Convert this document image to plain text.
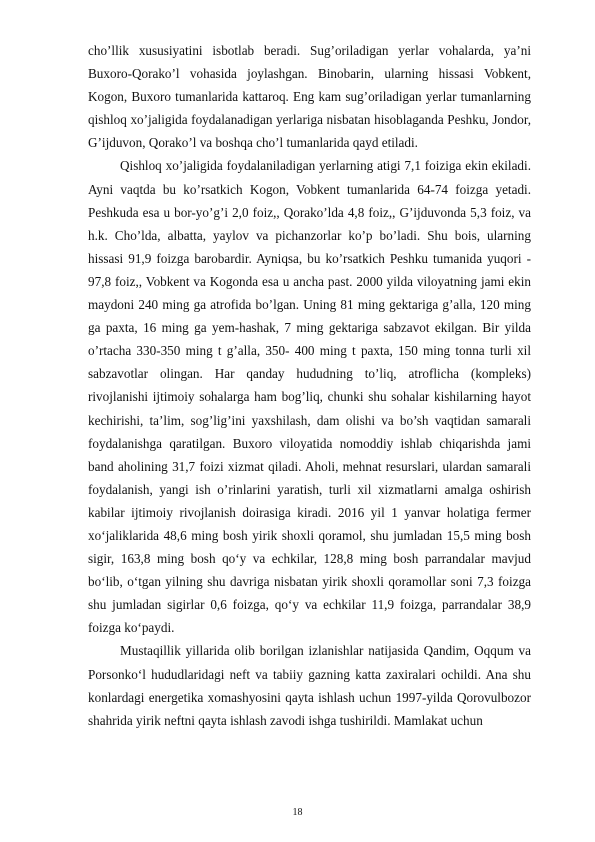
cho’llik xususiyatini isbotlab beradi. Sug’oriladigan yerlar vohalarda, ya’ni Buxoro-Qorako’l vohasida joylashgan. Binobarin, ularning hissasi Vobkent, Kogon, Buxoro tumanlarida kattaroq. Eng kam sug’oriladigan yerlar tumanlarning qishloq xo’jaligida foydalanadigan yerlariga nisbatan hisoblaganda Peshku, Jondor, G’ijduvon, Qorako’l va boshqa cho’l tumanlarida qayd etiladi.

Qishloq xo’jaligida foydalaniladigan yerlarning atigi 7,1 foiziga ekin ekiladi. Ayni vaqtda bu ko’rsatkich Kogon, Vobkent tumanlarida 64-74 foizga yetadi. Peshkuda esa u bor-yo’g’i 2,0 foiz,, Qorako’lda 4,8 foiz,, G’ijduvonda 5,3 foiz, va h.k. Cho’lda, albatta, yaylov va pichanzorlar ko’p bo’ladi. Shu bois, ularning hissasi 91,9 foizga barobardir. Ayniqsa, bu ko’rsatkich Peshku tumanida yuqori - 97,8 foiz,, Vobkent va Kogonda esa u ancha past. 2000 yilda viloyatning jami ekin maydoni 240 ming ga atrofida bo’lgan. Uning 81 ming gektariga g’alla, 120 ming ga paxta, 16 ming ga yem-hashak, 7 ming gektariga sabzavot ekilgan. Bir yilda o’rtacha 330-350 ming t g’alla, 350- 400 ming t paxta, 150 ming tonna turli xil sabzavotlar olingan. Har qanday hududning to’liq, atroflicha (kompleks) rivojlanishi ijtimoiy sohalarga ham bog’liq, chunki shu sohalar kishilarning hayot kechirishi, ta’lim, sog’lig’ini yaxshilash, dam olishi va bo’sh vaqtidan samarali foydalanishga qaratilgan. Buxoro viloyatida nomoddiy ishlab chiqarishda jami band aholining 31,7 foizi xizmat qiladi. Aholi, mehnat resurslari, ulardan samarali foydalanish, yangi ish o’rinlarini yaratish, turli xil xizmatlarni amalga oshirish kabilar ijtimoiy rivojlanish doirasiga kiradi. 2016 yil 1 yanvar holatiga fermer xo‘jaliklarida 48,6 ming bosh yirik shoxli qoramol, shu jumladan 15,5 ming bosh sigir, 163,8 ming bosh qo‘y va echkilar, 128,8 ming bosh parrandalar mavjud bo‘lib, o‘tgan yilning shu davriga nisbatan yirik shoxli qoramollar soni 7,3 foizga shu jumladan sigirlar 0,6 foizga, qo‘y va echkilar 11,9 foizga, parrandalar 38,9 foizga ko‘paydi.

Mustaqillik yillarida olib borilgan izlanishlar natijasida Qandim, Oqqum va Porsonko‘l hududlaridagi neft va tabiiy gazning katta zaxiralari ochildi. Ana shu konlardagi energetika xomashyosini qayta ishlash uchun 1997-yilda Qorovulbozor shahrida yirik neftni qayta ishlash zavodi ishga tushirildi. Mamlakat uchun

18
